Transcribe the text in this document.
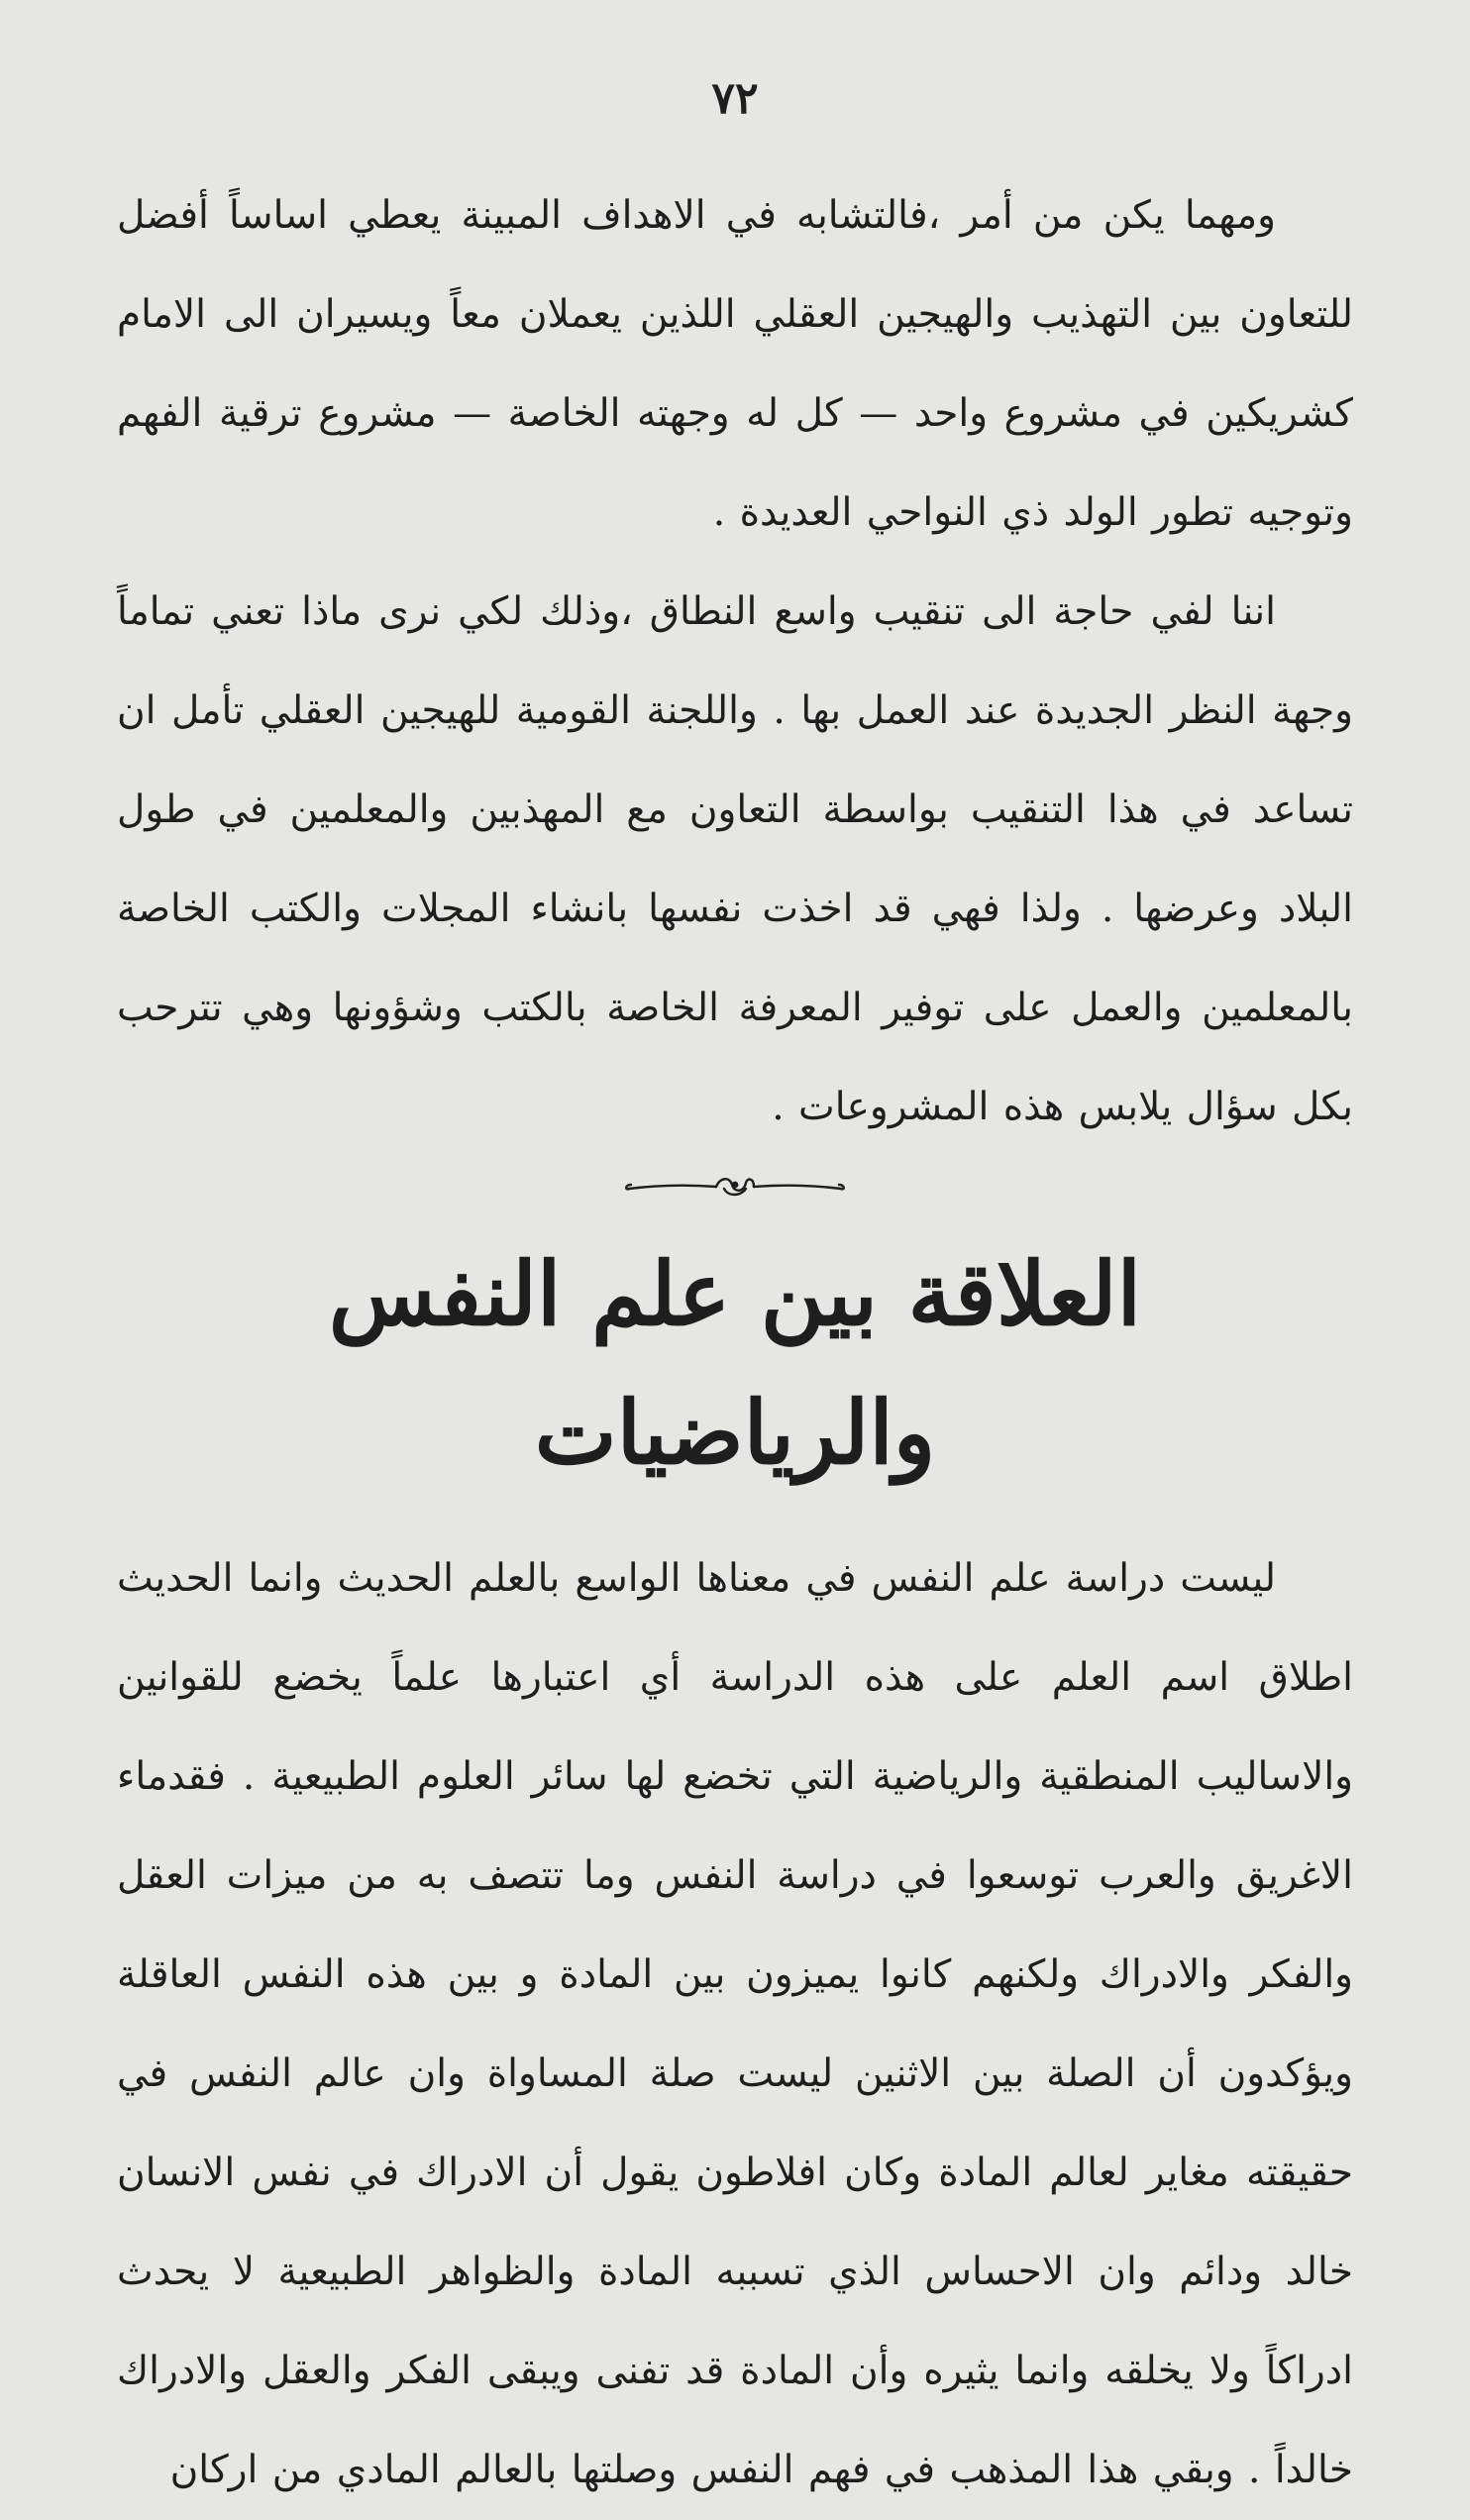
٧٢

ومهما يكن من أمر ،فالتشابه في الاهداف المبينة يعطي اساساً أفضل للتعاون بين التهذيب والهيجين العقلي اللذين يعملان معاً ويسيران الى الامام كشريكين في مشروع واحد — كل له وجهته الخاصة — مشروع ترقية الفهم وتوجيه تطور الولد ذي النواحي العديدة .

اننا لفي حاجة الى تنقيب واسع النطاق ،وذلك لكي نرى ماذا تعني تماماً وجهة النظر الجديدة عند العمل بها . واللجنة القومية للهيجين العقلي تأمل ان تساعد في هذا التنقيب بواسطة التعاون مع المهذبين والمعلمين في طول البلاد وعرضها . ولذا فهي قد اخذت نفسها بانشاء المجلات والكتب الخاصة بالمعلمين والعمل على توفير المعرفة الخاصة بالكتب وشؤونها وهي تترحب بكل سؤال يلابس هذه المشروعات .

العلاقة بين علم النفس والرياضيات

ليست دراسة علم النفس في معناها الواسع بالعلم الحديث وانما الحديث اطلاق اسم العلم على هذه الدراسة أي اعتبارها علماً يخضع للقوانين والاساليب المنطقية والرياضية التي تخضع لها سائر العلوم الطبيعية . فقدماء الاغريق والعرب توسعوا في دراسة النفس وما تتصف به من ميزات العقل والفكر والادراك ولكنهم كانوا يميزون بين المادة و بين هذه النفس العاقلة ويؤكدون أن الصلة بين الاثنين ليست صلة المساواة وان عالم النفس في حقيقته مغاير لعالم المادة وكان افلاطون يقول أن الادراك في نفس الانسان خالد ودائم وان الاحساس الذي تسببه المادة والظواهر الطبيعية لا يحدث ادراكاً ولا يخلقه وانما يثيره وأن المادة قد تفنى ويبقى الفكر والعقل والادراك خالداً . وبقي هذا المذهب في فهم النفس وصلتها بالعالم المادي من اركان
